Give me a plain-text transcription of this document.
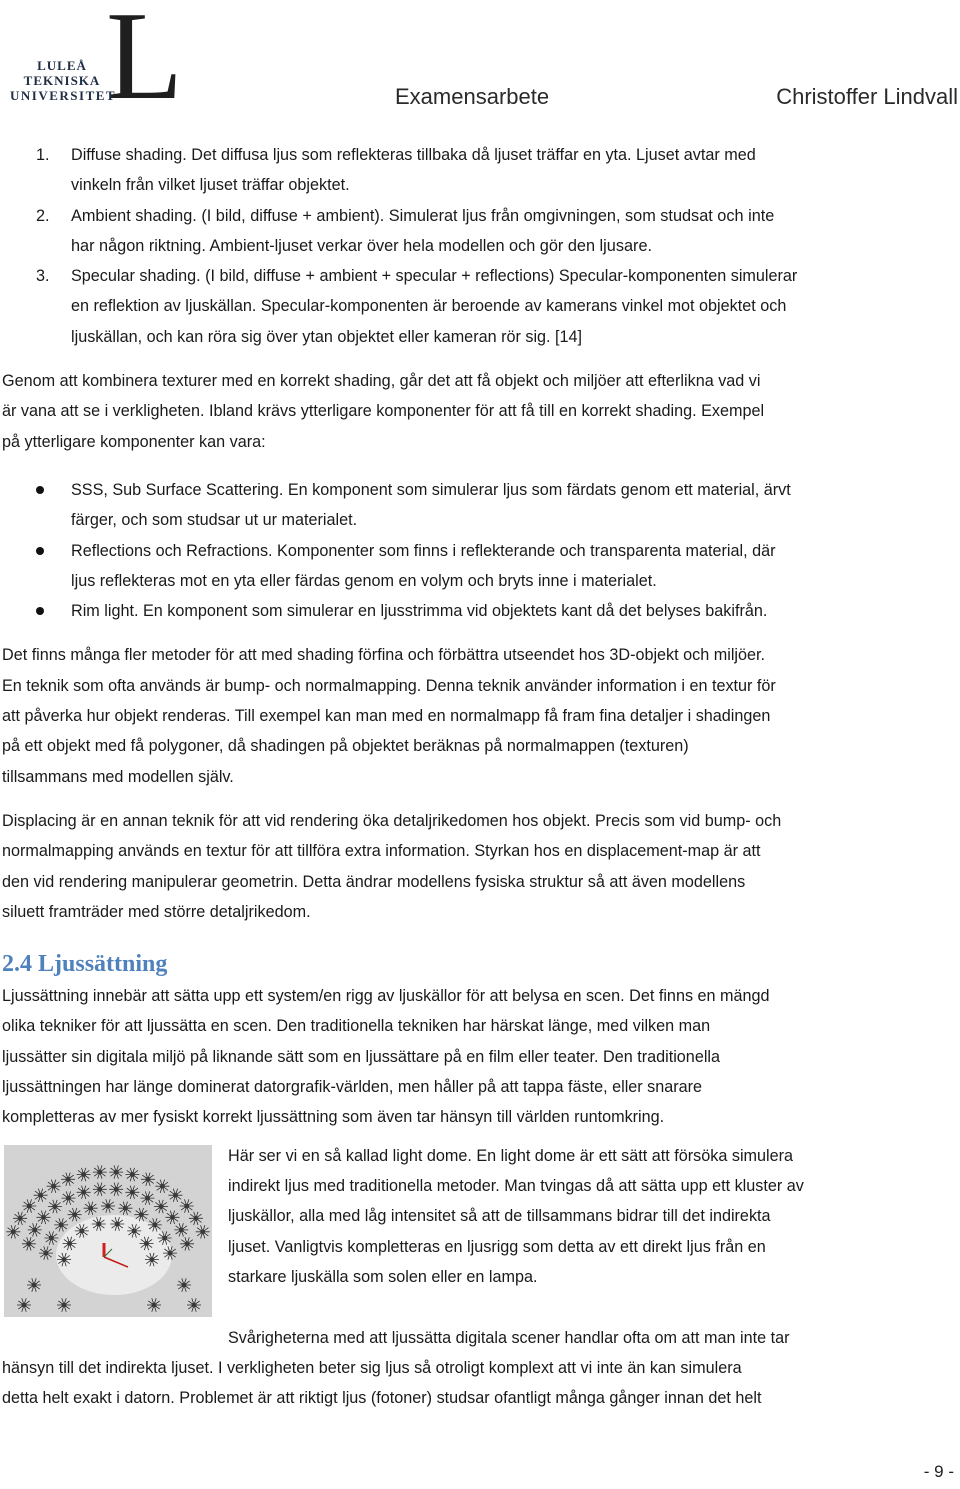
L
LULEÅ
TEKNISKA
UNIVERSITET	Examensarbete	Christoffer Lindvall
1. Diffuse shading. Det diffusa ljus som reflekteras tillbaka då ljuset träffar en yta. Ljuset avtar med
vinkeln från vilket ljuset träffar objektet.
2. Ambient shading. (I bild, diffuse + ambient). Simulerat ljus från omgivningen, som studsat och inte
har någon riktning. Ambient-ljuset verkar över hela modellen och gör den ljusare.
3. Specular shading. (I bild, diffuse + ambient + specular + reflections) Specular-komponenten simulerar
en reflektion av ljuskällan. Specular-komponenten är beroende av kamerans vinkel mot objektet och
ljuskällan, och kan röra sig över ytan objektet eller kameran rör sig. [14]
Genom att kombinera texturer med en korrekt shading, går det att få objekt och miljöer att efterlikna vad vi
är vana att se i verkligheten. Ibland krävs ytterligare komponenter för att få till en korrekt shading. Exempel
på ytterligare komponenter kan vara:
SSS, Sub Surface Scattering. En komponent som simulerar ljus som färdats genom ett material, ärvt
färger, och som studsar ut ur materialet.
Reflections och Refractions. Komponenter som finns i reflekterande och transparenta material, där
ljus reflekteras mot en yta eller färdas genom en volym och bryts inne i materialet.
Rim light. En komponent som simulerar en ljusstrimma vid objektets kant då det belyses bakifrån.
Det finns många fler metoder för att med shading förfina och förbättra utseendet hos 3D-objekt och miljöer.
En teknik som ofta används är bump- och normalmapping. Denna teknik använder information i en textur för
att påverka hur objekt renderas. Till exempel kan man med en normalmapp få fram fina detaljer i shadingen
på ett objekt med få polygoner, då shadingen på objektet beräknas på normalmappen (texturen)
tillsammans med modellen själv.
Displacing är en annan teknik för att vid rendering öka detaljrikedomen hos objekt. Precis som vid bump- och
normalmapping används en textur för att tillföra extra information. Styrkan hos en displacement-map är att
den vid rendering manipulerar geometrin. Detta ändrar modellens fysiska struktur så att även modellens
siluett framträder med större detaljrikedom.
2.4 Ljussättning
Ljussättning innebär att sätta upp ett system/en rigg av ljuskällor för att belysa en scen. Det finns en mängd
olika tekniker för att ljussätta en scen. Den traditionella tekniken har härskat länge, med vilken man
ljussätter sin digitala miljö på liknande sätt som en ljussättare på en film eller teater. Den traditionella
ljussättningen har länge dominerat datorgrafik-världen, men håller på att tappa fäste, eller snarare
kompletteras av mer fysiskt korrekt ljussättning som även tar hänsyn till världen runtomkring.
Här ser vi en så kallad light dome. En light dome är ett sätt att försöka simulera
indirekt ljus med traditionella metoder. Man tvingas då att sätta upp ett kluster av
ljuskällor, alla med låg intensitet så att de tillsammans bidrar till det indirekta
ljuset. Vanligtvis kompletteras en ljusrigg som detta av ett direkt ljus från en
starkare ljuskälla som solen eller en lampa.
Svårigheterna med att ljussätta digitala scener handlar ofta om att man inte tar
hänsyn till det indirekta ljuset. I verkligheten beter sig ljus så otroligt komplext att vi inte än kan simulera
detta helt exakt i datorn. Problemet är att riktigt ljus (fotoner) studsar ofantligt många gånger innan det helt
- 9 -
